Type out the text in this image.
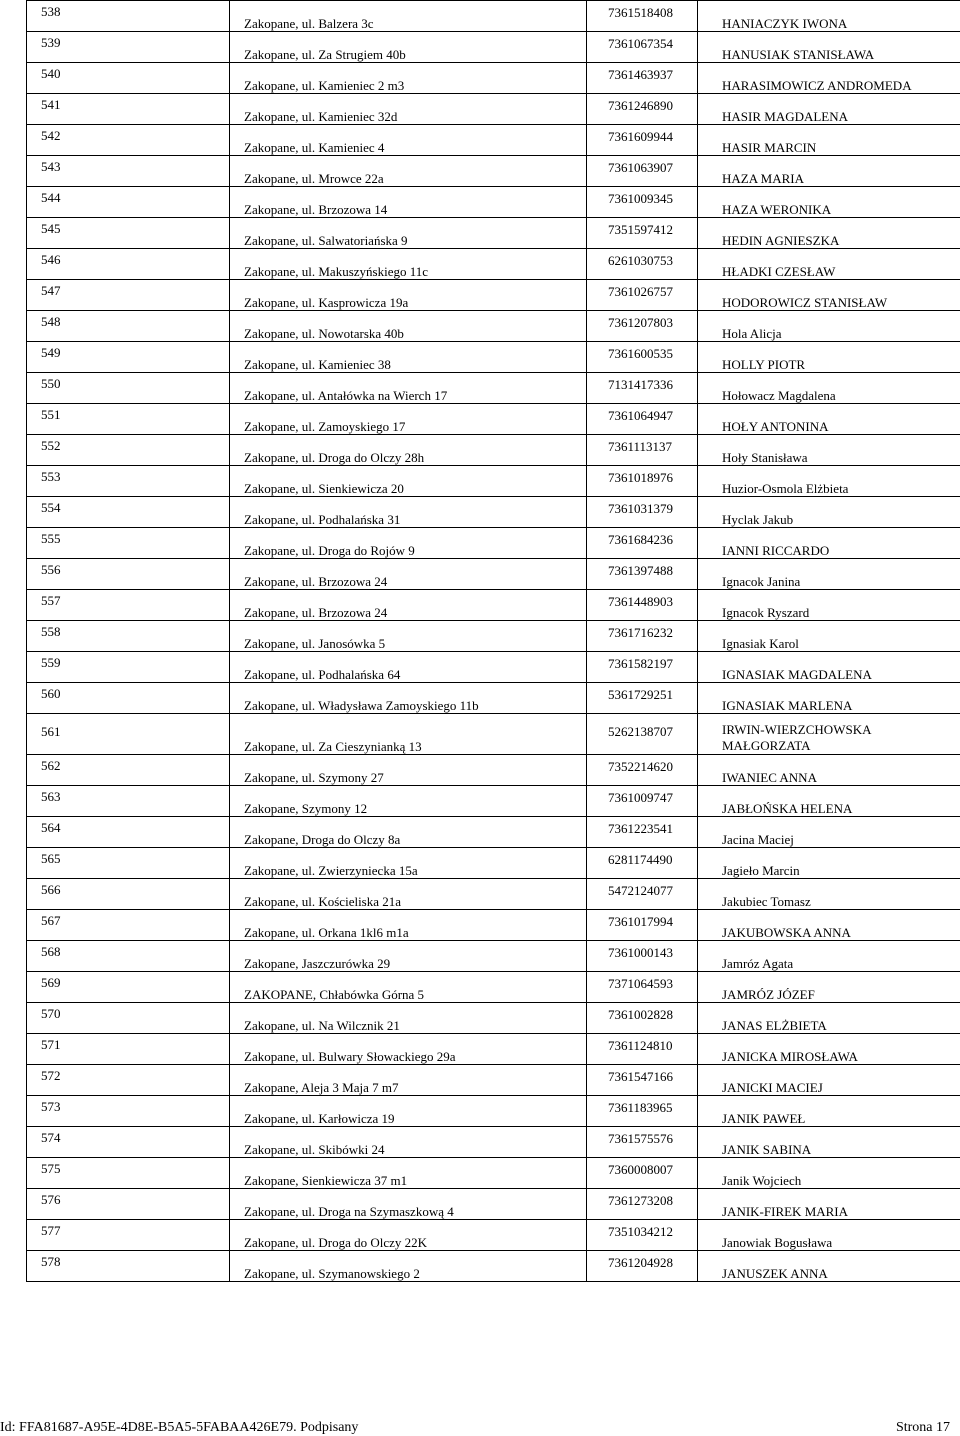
538	Zakopane, ul. Balzera 3c	7361518408	HANIACZYK IWONA

539	Zakopane, ul. Za Strugiem 40b	7361067354	HANUSIAK STANISŁAWA

540	Zakopane, ul. Kamieniec 2 m3	7361463937	HARASIMOWICZ ANDROMEDA

541	Zakopane, ul. Kamieniec 32d	7361246890	HASIR MAGDALENA

542	Zakopane, ul. Kamieniec 4	7361609944	HASIR MARCIN

543	Zakopane, ul. Mrowce 22a	7361063907	HAZA MARIA

544	Zakopane, ul. Brzozowa 14	7361009345	HAZA WERONIKA

545	Zakopane, ul. Salwatoriańska 9	7351597412	HEDIN AGNIESZKA

546	Zakopane, ul. Makuszyńskiego 11c	6261030753	HŁADKI CZESŁAW

547	Zakopane, ul. Kasprowicza 19a	7361026757	HODOROWICZ STANISŁAW

548	Zakopane, ul. Nowotarska 40b	7361207803	Hola Alicja

549	Zakopane, ul. Kamieniec 38	7361600535	HOLLY PIOTR

550	Zakopane, ul. Antałówka na Wierch 17	7131417336	Hołowacz Magdalena

551	Zakopane, ul. Zamoyskiego 17	7361064947	HOŁY ANTONINA

552	Zakopane, ul. Droga do Olczy 28h	7361113137	Hoły Stanisława

553	Zakopane, ul. Sienkiewicza 20	7361018976	Huzior-Osmola Elżbieta

554	Zakopane, ul. Podhalańska 31	7361031379	Hyclak Jakub

555	Zakopane, ul. Droga do Rojów 9	7361684236	IANNI RICCARDO

556	Zakopane, ul. Brzozowa 24	7361397488	Ignacok Janina

557	Zakopane, ul. Brzozowa 24	7361448903	Ignacok Ryszard

558	Zakopane, ul. Janosówka 5	7361716232	Ignasiak Karol

559	Zakopane, ul. Podhalańska 64	7361582197	IGNASIAK MAGDALENA

560	Zakopane, ul. Władysława Zamoyskiego 11b	5361729251	IGNASIAK MARLENA

561	Zakopane, ul. Za Cieszynianką 13	5262138707	IRWIN-WIERZCHOWSKA MAŁGORZATA

562	Zakopane, ul. Szymony 27	7352214620	IWANIEC ANNA

563	Zakopane, Szymony 12	7361009747	JABŁOŃSKA HELENA

564	Zakopane, Droga do Olczy 8a	7361223541	Jacina Maciej

565	Zakopane, ul. Zwierzyniecka 15a	6281174490	Jagieło Marcin

566	Zakopane, ul. Kościeliska 21a	5472124077	Jakubiec Tomasz

567	Zakopane, ul. Orkana 1kl6 m1a	7361017994	JAKUBOWSKA ANNA

568	Zakopane, Jaszczurówka 29	7361000143	Jamróz Agata

569	ZAKOPANE, Chłabówka Górna 5	7371064593	JAMRÓZ JÓZEF

570	Zakopane, ul. Na Wilcznik 21	7361002828	JANAS ELŻBIETA

571	Zakopane, ul. Bulwary Słowackiego 29a	7361124810	JANICKA MIROSŁAWA

572	Zakopane, Aleja 3 Maja 7 m7	7361547166	JANICKI MACIEJ

573	Zakopane, ul. Karłowicza 19	7361183965	JANIK PAWEŁ

574	Zakopane, ul. Skibówki 24	7361575576	JANIK SABINA

575	Zakopane, Sienkiewicza 37 m1	7360008007	Janik Wojciech

576	Zakopane, ul. Droga na Szymaszkową 4	7361273208	JANIK-FIREK MARIA

577	Zakopane, ul. Droga do Olczy 22K	7351034212	Janowiak Bogusława

578	Zakopane, ul. Szymanowskiego 2	7361204928	JANUSZEK ANNA
Id: FFA81687-A95E-4D8E-B5A5-5FABAA426E79. Podpisany	Strona 17
